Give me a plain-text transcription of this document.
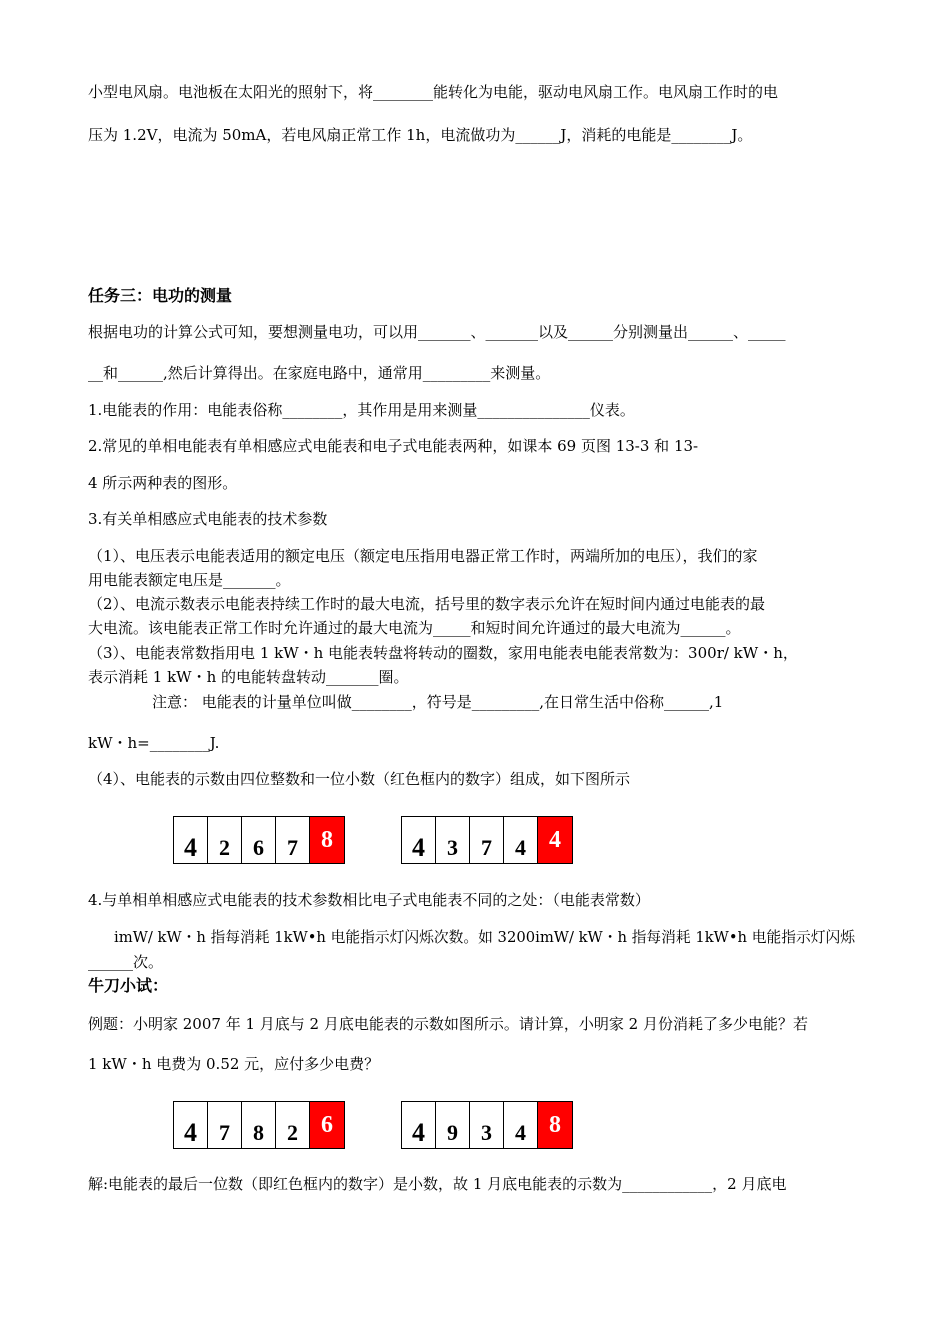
小型电风扇。电池板在太阳光的照射下，将________能转化为电能，驱动电风扇工作。电风扇工作时的电
压为 1.2V，电流为 50mA，若电风扇正常工作 1h，电流做功为______J，消耗的电能是________J。
任务三：电功的测量
根据电功的计算公式可知，要想测量电功，可以用_______、_______以及______分别测量出______、_____
__和______,然后计算得出。在家庭电路中，通常用_________来测量。
1.电能表的作用：电能表俗称________，其作用是用来测量_______________仪表。
2.常见的单相电能表有单相感应式电能表和电子式电能表两种，如课本 69 页图 13-3 和 13-
4 所示两种表的图形。
3.有关单相感应式电能表的技术参数
（1）、电压表示电能表适用的额定电压（额定电压指用电器正常工作时，两端所加的电压），我们的家
用电能表额定电压是_______。
（2）、电流示数表示电能表持续工作时的最大电流，括号里的数字表示允许在短时间内通过电能表的最
大电流。该电能表正常工作时允许通过的最大电流为_____和短时间允许通过的最大电流为______。
（3）、电能表常数指用电 1 kW・h 电能表转盘将转动的圈数，家用电能表电能表常数为：300r/ kW・h，
表示消耗 1 kW・h 的电能转盘转动_______圈。
注意： 电能表的计量单位叫做________，符号是_________,在日常生活中俗称______,1
kW・h=________J.
（4）、电能表的示数由四位整数和一位小数（红色框内的数字）组成，如下图所示
4	2	6	7 8	4	3	7	4 4
4.与单相单相感应式电能表的技术参数相比电子式电能表不同的之处：（电能表常数）
imW/ kW・h 指每消耗 1kW•h 电能指示灯闪烁次数。如 3200imW/ kW・h 指每消耗 1kW•h 电能指示灯闪烁
______次。
牛刀小试：
例题：小明家 2007 年 1 月底与 2 月底电能表的示数如图所示。请计算，小明家 2 月份消耗了多少电能？若
1 kW・h 电费为 0.52 元，应付多少电费？
4	7	8	2 6	4	9	3	4 8
解:电能表的最后一位数（即红色框内的数字）是小数，故 1 月底电能表的示数为____________，2 月底电
